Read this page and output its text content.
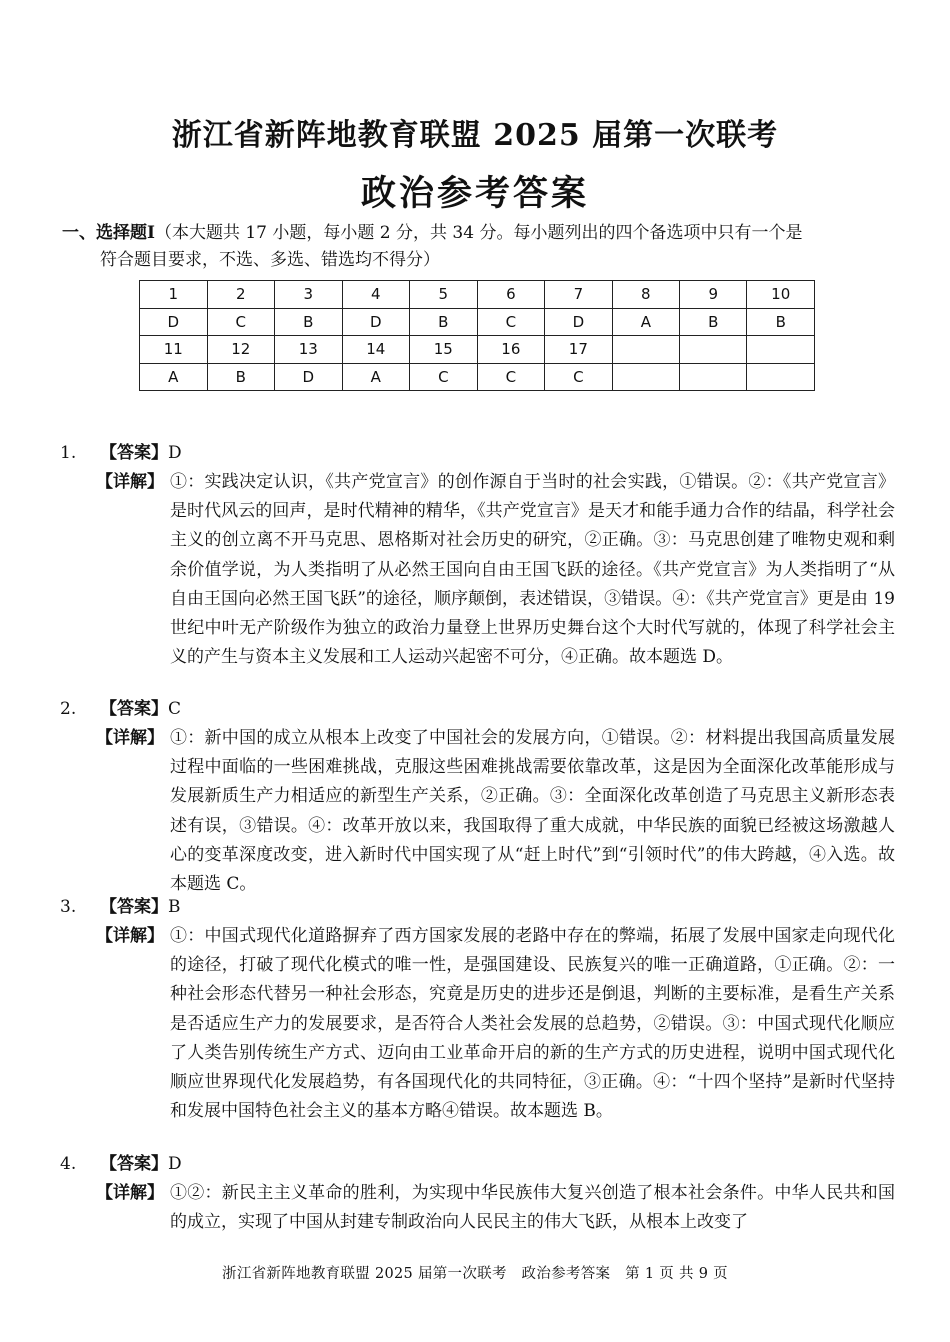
浙江省新阵地教育联盟 2025 届第一次联考
政治参考答案
一、选择题Ⅰ（本大题共 17 小题，每小题 2 分，共 34 分。每小题列出的四个备选项中只有一个是
符合题目要求，不选、多选、错选均不得分）
1	2	3	4	5	6	7	8	9	10
D	C	B	D	B	C	D	A	B	B
11	12	13	14	15	16	17			
A	B	D	A	C	C	C			
1. 【答案】D
【详解】 ①：实践决定认识，《共产党宣言》的创作源自于当时的社会实践，①错误。②：《共产党宣言》是时代风云的回声，是时代精神的精华，《共产党宣言》是天才和能手通力合作的结晶，科学社会主义的创立离不开马克思、恩格斯对社会历史的研究，②正确。③：马克思创建了唯物史观和剩余价值学说，为人类指明了从必然王国向自由王国飞跃的途径。《共产党宣言》为人类指明了“从自由王国向必然王国飞跃”的途径，顺序颠倒，表述错误，③错误。④：《共产党宣言》更是由 19 世纪中叶无产阶级作为独立的政治力量登上世界历史舞台这个大时代写就的，体现了科学社会主义的产生与资本主义发展和工人运动兴起密不可分，④正确。故本题选 D。
2. 【答案】C
【详解】 ①：新中国的成立从根本上改变了中国社会的发展方向，①错误。②：材料提出我国高质量发展过程中面临的一些困难挑战，克服这些困难挑战需要依靠改革，这是因为全面深化改革能形成与发展新质生产力相适应的新型生产关系，②正确。③：全面深化改革创造了马克思主义新形态表述有误，③错误。④：改革开放以来，我国取得了重大成就，中华民族的面貌已经被这场激越人心的变革深度改变，进入新时代中国实现了从“赶上时代”到“引领时代”的伟大跨越，④入选。故本题选 C。
3. 【答案】B
【详解】 ①：中国式现代化道路摒弃了西方国家发展的老路中存在的弊端，拓展了发展中国家走向现代化的途径，打破了现代化模式的唯一性，是强国建设、民族复兴的唯一正确道路，①正确。②：一种社会形态代替另一种社会形态，究竟是历史的进步还是倒退，判断的主要标准，是看生产关系是否适应生产力的发展要求，是否符合人类社会发展的总趋势，②错误。③：中国式现代化顺应了人类告别传统生产方式、迈向由工业革命开启的新的生产方式的历史进程，说明中国式现代化顺应世界现代化发展趋势，有各国现代化的共同特征，③正确。④：“十四个坚持”是新时代坚持和发展中国特色社会主义的基本方略④错误。故本题选 B。
4. 【答案】D
【详解】 ①②：新民主主义革命的胜利，为实现中华民族伟大复兴创造了根本社会条件。中华人民共和国的成立，实现了中国从封建专制政治向人民民主的伟大飞跃，从根本上改变了
浙江省新阵地教育联盟 2025 届第一次联考　政治参考答案　第 1 页 共 9 页
